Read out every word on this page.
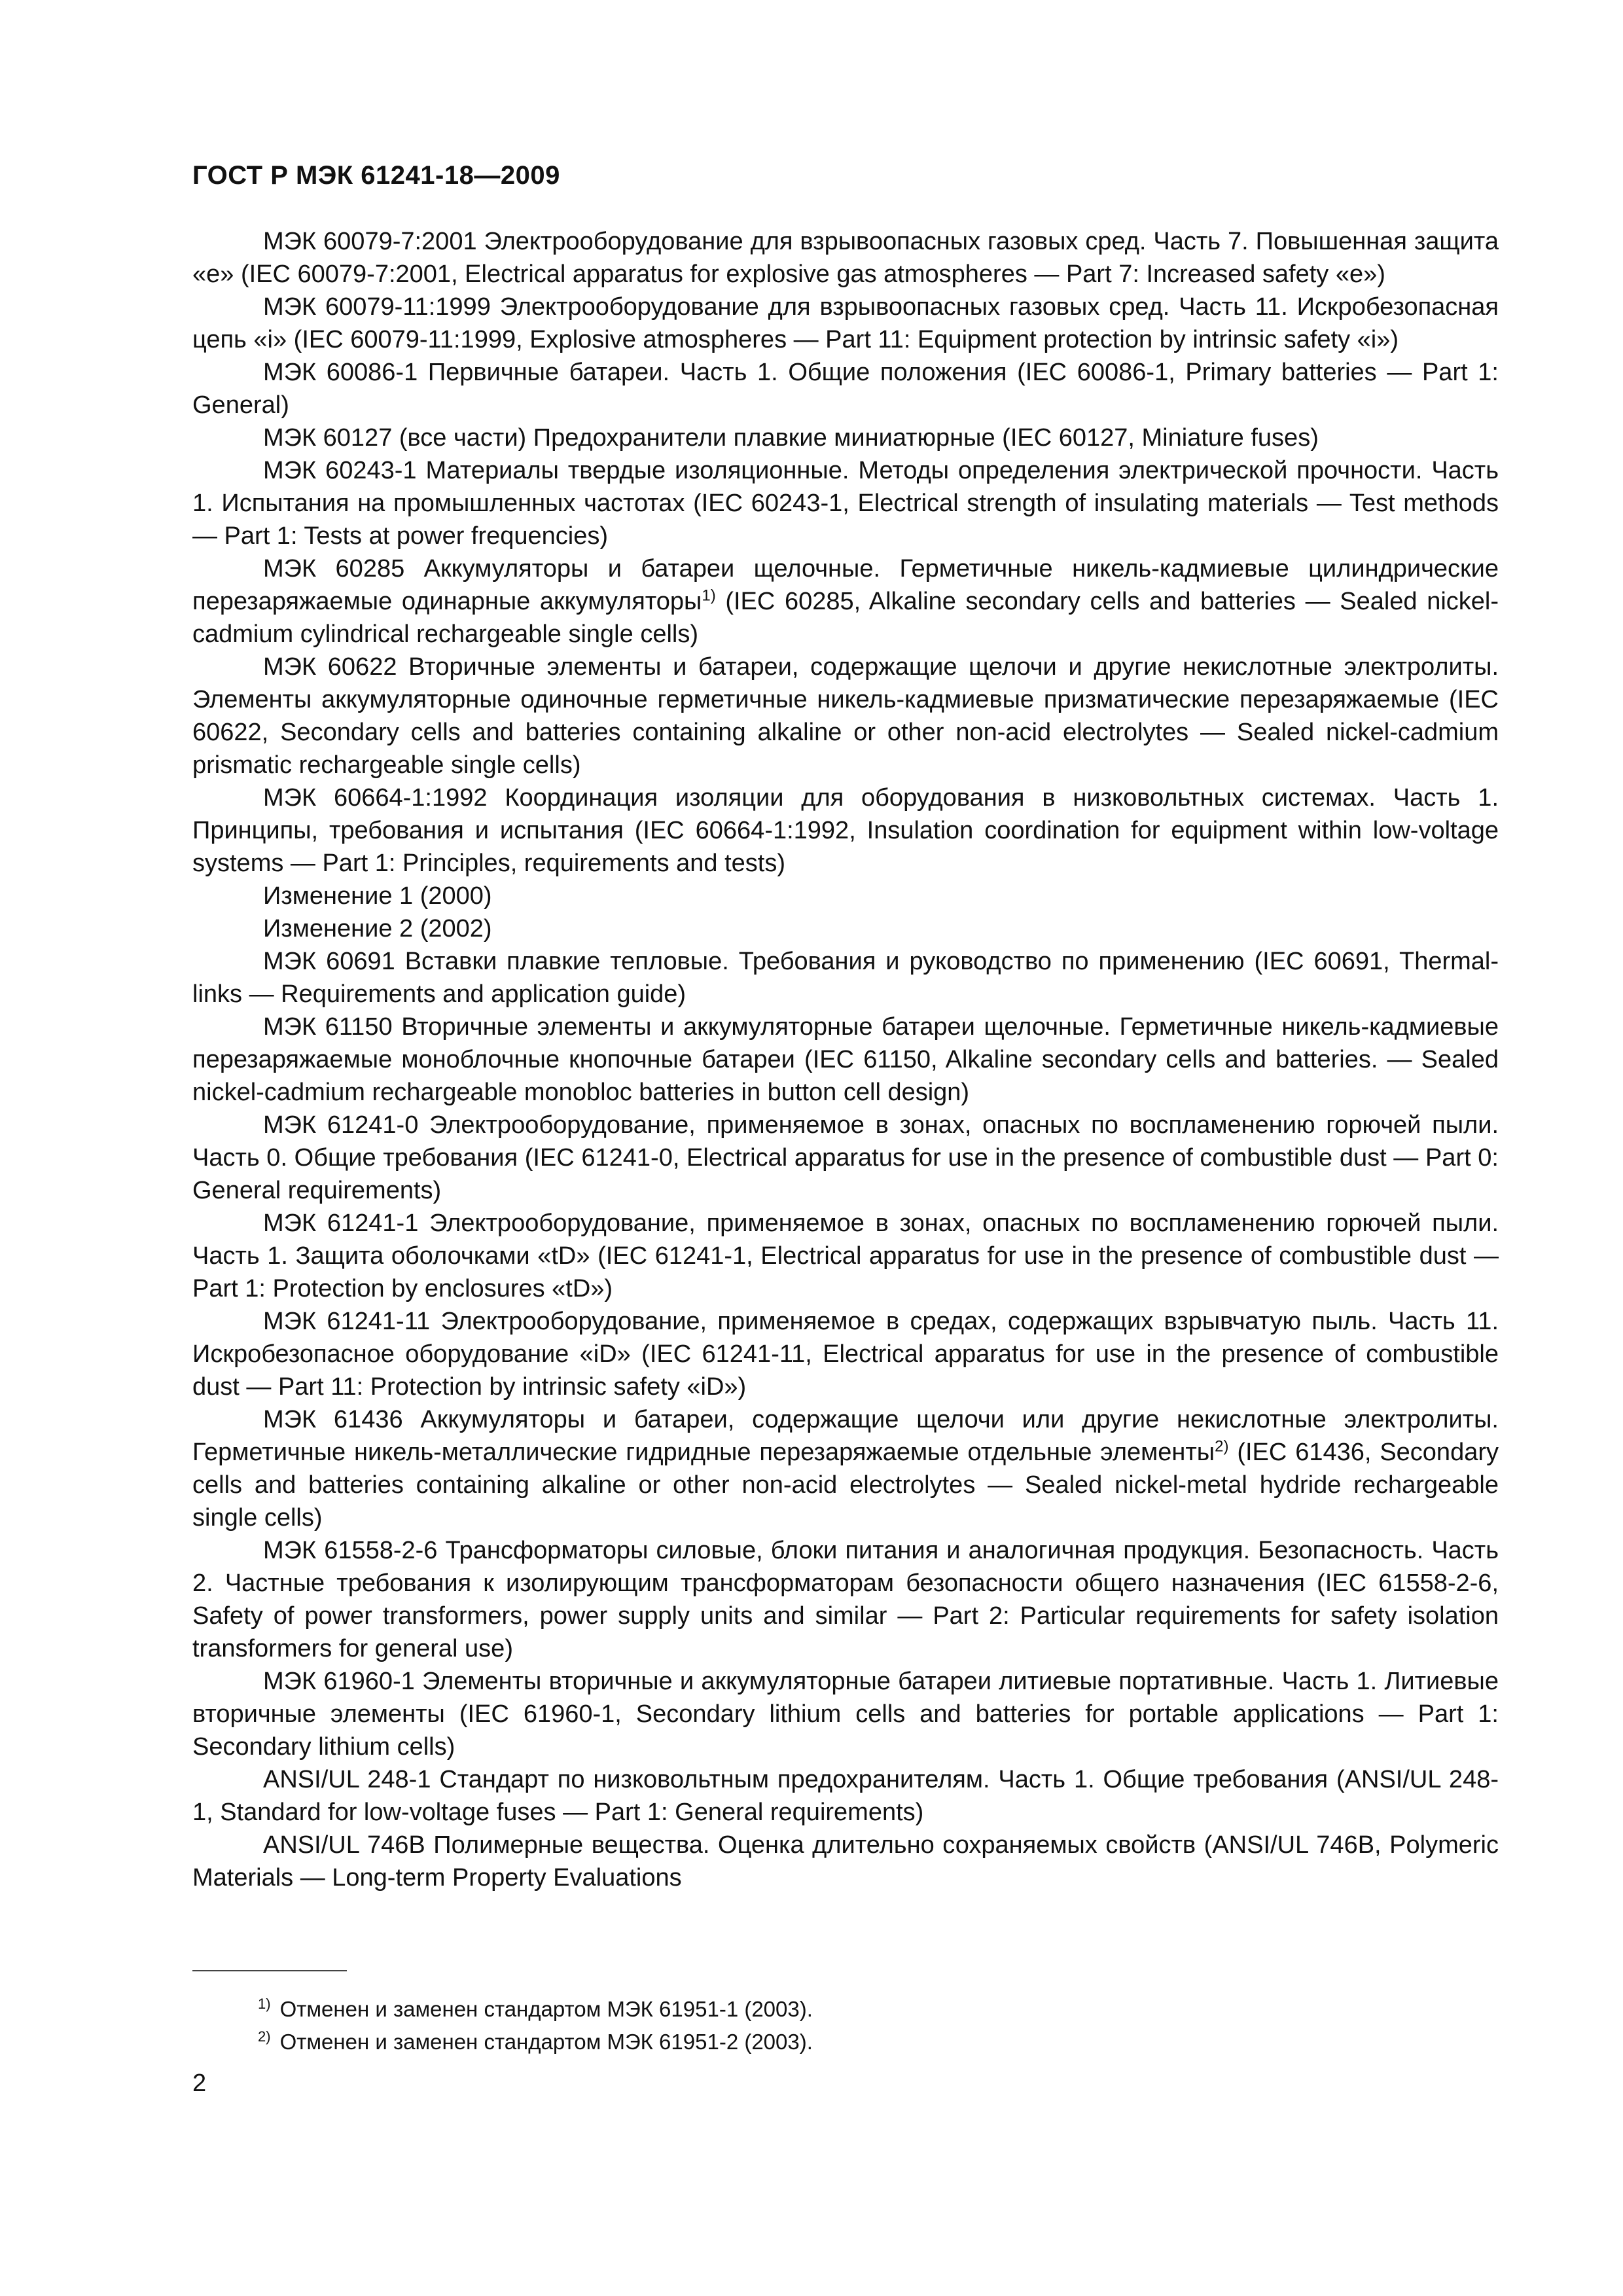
ГОСТ Р МЭК 61241-18—2009

МЭК 60079-7:2001 Электрооборудование для взрывоопасных газовых сред. Часть 7. Повышенная защита «е» (IEC 60079-7:2001, Electrical apparatus for explosive gas atmospheres — Part 7: Increased safety «e»)

МЭК 60079-11:1999 Электрооборудование для взрывоопасных газовых сред. Часть 11. Искробезопасная цепь «i» (IEC 60079-11:1999, Explosive atmospheres — Part 11: Equipment protection by intrinsic safety «i»)

МЭК 60086-1 Первичные батареи. Часть 1. Общие положения (IEC 60086-1, Primary batteries — Part 1: General)

МЭК 60127 (все части) Предохранители плавкие миниатюрные (IEC 60127, Miniature fuses)

МЭК 60243-1 Материалы твердые изоляционные. Методы определения электрической прочности. Часть 1. Испытания на промышленных частотах (IEC 60243-1, Electrical strength of insulating materials — Test methods — Part 1: Tests at power frequencies)

МЭК 60285 Аккумуляторы и батареи щелочные. Герметичные никель-кадмиевые цилиндрические перезаряжаемые одинарные аккумуляторы$^{1)}$ (IEC 60285, Alkaline secondary cells and batteries — Sealed nickel-cadmium cylindrical rechargeable single cells)

МЭК 60622 Вторичные элементы и батареи, содержащие щелочи и другие некислотные электролиты. Элементы аккумуляторные одиночные герметичные никель-кадмиевые призматические перезаряжаемые (IEC 60622, Secondary cells and batteries containing alkaline or other non-acid electrolytes — Sealed nickel-cadmium prismatic rechargeable single cells)

МЭК 60664-1:1992 Координация изоляции для оборудования в низковольтных системах. Часть 1. Принципы, требования и испытания (IEC 60664-1:1992, Insulation coordination for equipment within low-voltage systems — Part 1: Principles, requirements and tests)

Изменение 1 (2000)

Изменение 2 (2002)

МЭК 60691 Вставки плавкие тепловые. Требования и руководство по применению (IEC 60691, Thermal-links — Requirements and application guide)

МЭК 61150 Вторичные элементы и аккумуляторные батареи щелочные. Герметичные никель-кадмиевые перезаряжаемые моноблочные кнопочные батареи (IEC 61150, Alkaline secondary cells and batteries. — Sealed nickel-cadmium rechargeable monobloc batteries in button cell design)

МЭК 61241-0 Электрооборудование, применяемое в зонах, опасных по воспламенению горючей пыли. Часть 0. Общие требования (IEC 61241-0, Electrical apparatus for use in the presence of combustible dust — Part 0: General requirements)

МЭК 61241-1 Электрооборудование, применяемое в зонах, опасных по воспламенению горючей пыли. Часть 1. Защита оболочками «tD» (IEC 61241-1, Electrical apparatus for use in the presence of combustible dust — Part 1: Protection by enclosures «tD»)

МЭК 61241-11 Электрооборудование, применяемое в средах, содержащих взрывчатую пыль. Часть 11. Искробезопасное оборудование «iD» (IEC 61241-11, Electrical apparatus for use in the presence of combustible dust — Part 11: Protection by intrinsic safety «iD»)

МЭК 61436 Аккумуляторы и батареи, содержащие щелочи или другие некислотные электролиты. Герметичные никель-металлические гидридные перезаряжаемые отдельные элементы$^{2)}$ (IEC 61436, Secondary cells and batteries containing alkaline or other non-acid electrolytes — Sealed nickel-metal hydride rechargeable single cells)

МЭК 61558-2-6 Трансформаторы силовые, блоки питания и аналогичная продукция. Безопасность. Часть 2. Частные требования к изолирующим трансформаторам безопасности общего назначения (IEC 61558-2-6, Safety of power transformers, power supply units and similar — Part 2: Particular requirements for safety isolation transformers for general use)

МЭК 61960-1 Элементы вторичные и аккумуляторные батареи литиевые портативные. Часть 1. Литиевые вторичные элементы (IEC 61960-1, Secondary lithium cells and batteries for portable applications — Part 1: Secondary lithium cells)

ANSI/UL 248-1 Стандарт по низковольтным предохранителям. Часть 1. Общие требования (ANSI/UL 248-1, Standard for low-voltage fuses — Part 1: General requirements)

ANSI/UL 746B Полимерные вещества. Оценка длительно сохраняемых свойств (ANSI/UL 746B, Polymeric Materials — Long-term Property Evaluations

$^{1)}$ Отменен и заменен стандартом МЭК 61951-1 (2003).

$^{2)}$ Отменен и заменен стандартом МЭК 61951-2 (2003).

2
